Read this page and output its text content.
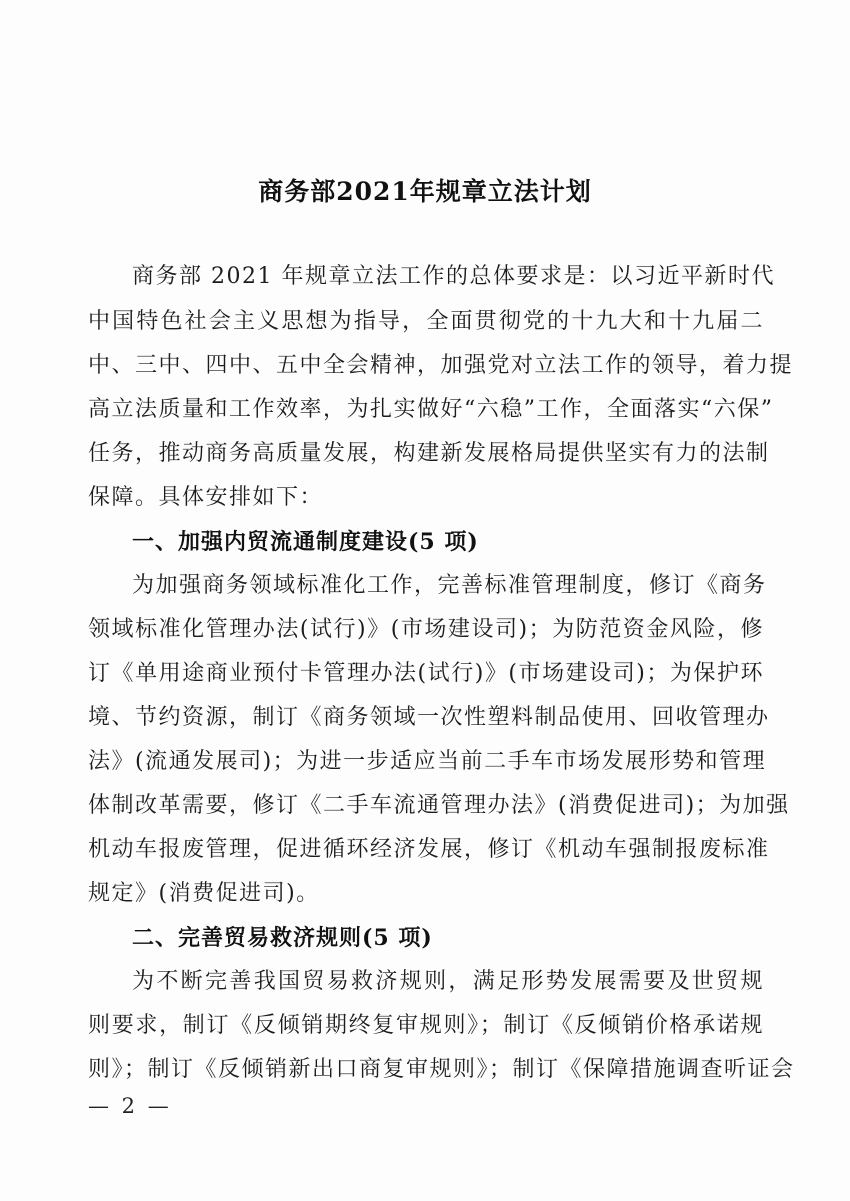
商务部2021年规章立法计划
商务部 2021 年规章立法工作的总体要求是：以习近平新时代
中国特色社会主义思想为指导，全面贯彻党的十九大和十九届二
中、三中、四中、五中全会精神，加强党对立法工作的领导，着力提
高立法质量和工作效率，为扎实做好“六稳”工作，全面落实“六保”
任务，推动商务高质量发展，构建新发展格局提供坚实有力的法制
保障。具体安排如下：
一、加强内贸流通制度建设(5 项)
为加强商务领域标准化工作，完善标准管理制度，修订《商务
领域标准化管理办法(试行)》(市场建设司)；为防范资金风险，修
订《单用途商业预付卡管理办法(试行)》(市场建设司)；为保护环
境、节约资源，制订《商务领域一次性塑料制品使用、回收管理办
法》(流通发展司)；为进一步适应当前二手车市场发展形势和管理
体制改革需要，修订《二手车流通管理办法》(消费促进司)；为加强
机动车报废管理，促进循环经济发展，修订《机动车强制报废标准
规定》(消费促进司)。
二、完善贸易救济规则(5 项)
为不断完善我国贸易救济规则，满足形势发展需要及世贸规
则要求，制订《反倾销期终复审规则》；制订《反倾销价格承诺规
则》；制订《反倾销新出口商复审规则》；制订《保障措施调查听证会
— 2 —
